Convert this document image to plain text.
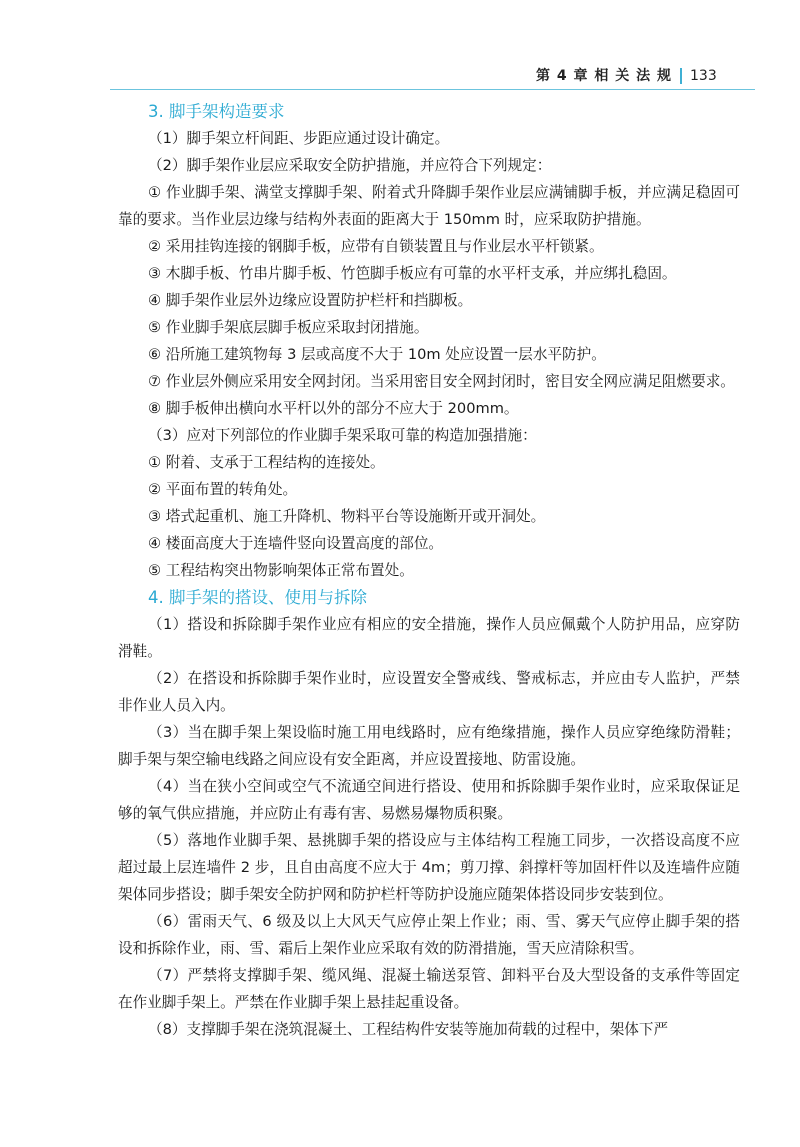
第 4 章 相 关 法 规 133
3. 脚手架构造要求

（1）脚手架立杆间距、步距应通过设计确定。

（2）脚手架作业层应采取安全防护措施，并应符合下列规定：

① 作业脚手架、满堂支撑脚手架、附着式升降脚手架作业层应满铺脚手板，并应满足稳固可靠的要求。当作业层边缘与结构外表面的距离大于 150mm 时，应采取防护措施。

② 采用挂钩连接的钢脚手板，应带有自锁装置且与作业层水平杆锁紧。

③ 木脚手板、竹串片脚手板、竹笆脚手板应有可靠的水平杆支承，并应绑扎稳固。

④ 脚手架作业层外边缘应设置防护栏杆和挡脚板。

⑤ 作业脚手架底层脚手板应采取封闭措施。

⑥ 沿所施工建筑物每 3 层或高度不大于 10m 处应设置一层水平防护。

⑦ 作业层外侧应采用安全网封闭。当采用密目安全网封闭时，密目安全网应满足阻燃要求。

⑧ 脚手板伸出横向水平杆以外的部分不应大于 200mm。

（3）应对下列部位的作业脚手架采取可靠的构造加强措施：

① 附着、支承于工程结构的连接处。

② 平面布置的转角处。

③ 塔式起重机、施工升降机、物料平台等设施断开或开洞处。

④ 楼面高度大于连墙件竖向设置高度的部位。

⑤ 工程结构突出物影响架体正常布置处。

4. 脚手架的搭设、使用与拆除

（1）搭设和拆除脚手架作业应有相应的安全措施，操作人员应佩戴个人防护用品，应穿防滑鞋。

（2）在搭设和拆除脚手架作业时，应设置安全警戒线、警戒标志，并应由专人监护，严禁非作业人员入内。

（3）当在脚手架上架设临时施工用电线路时，应有绝缘措施，操作人员应穿绝缘防滑鞋；脚手架与架空输电线路之间应设有安全距离，并应设置接地、防雷设施。

（4）当在狭小空间或空气不流通空间进行搭设、使用和拆除脚手架作业时，应采取保证足够的氧气供应措施，并应防止有毒有害、易燃易爆物质积聚。

（5）落地作业脚手架、悬挑脚手架的搭设应与主体结构工程施工同步，一次搭设高度不应超过最上层连墙件 2 步，且自由高度不应大于 4m；剪刀撑、斜撑杆等加固杆件以及连墙件应随架体同步搭设；脚手架安全防护网和防护栏杆等防护设施应随架体搭设同步安装到位。

（6）雷雨天气、6 级及以上大风天气应停止架上作业；雨、雪、雾天气应停止脚手架的搭设和拆除作业，雨、雪、霜后上架作业应采取有效的防滑措施，雪天应清除积雪。

（7）严禁将支撑脚手架、缆风绳、混凝土输送泵管、卸料平台及大型设备的支承件等固定在作业脚手架上。严禁在作业脚手架上悬挂起重设备。

（8）支撑脚手架在浇筑混凝土、工程结构件安装等施加荷载的过程中，架体下严
